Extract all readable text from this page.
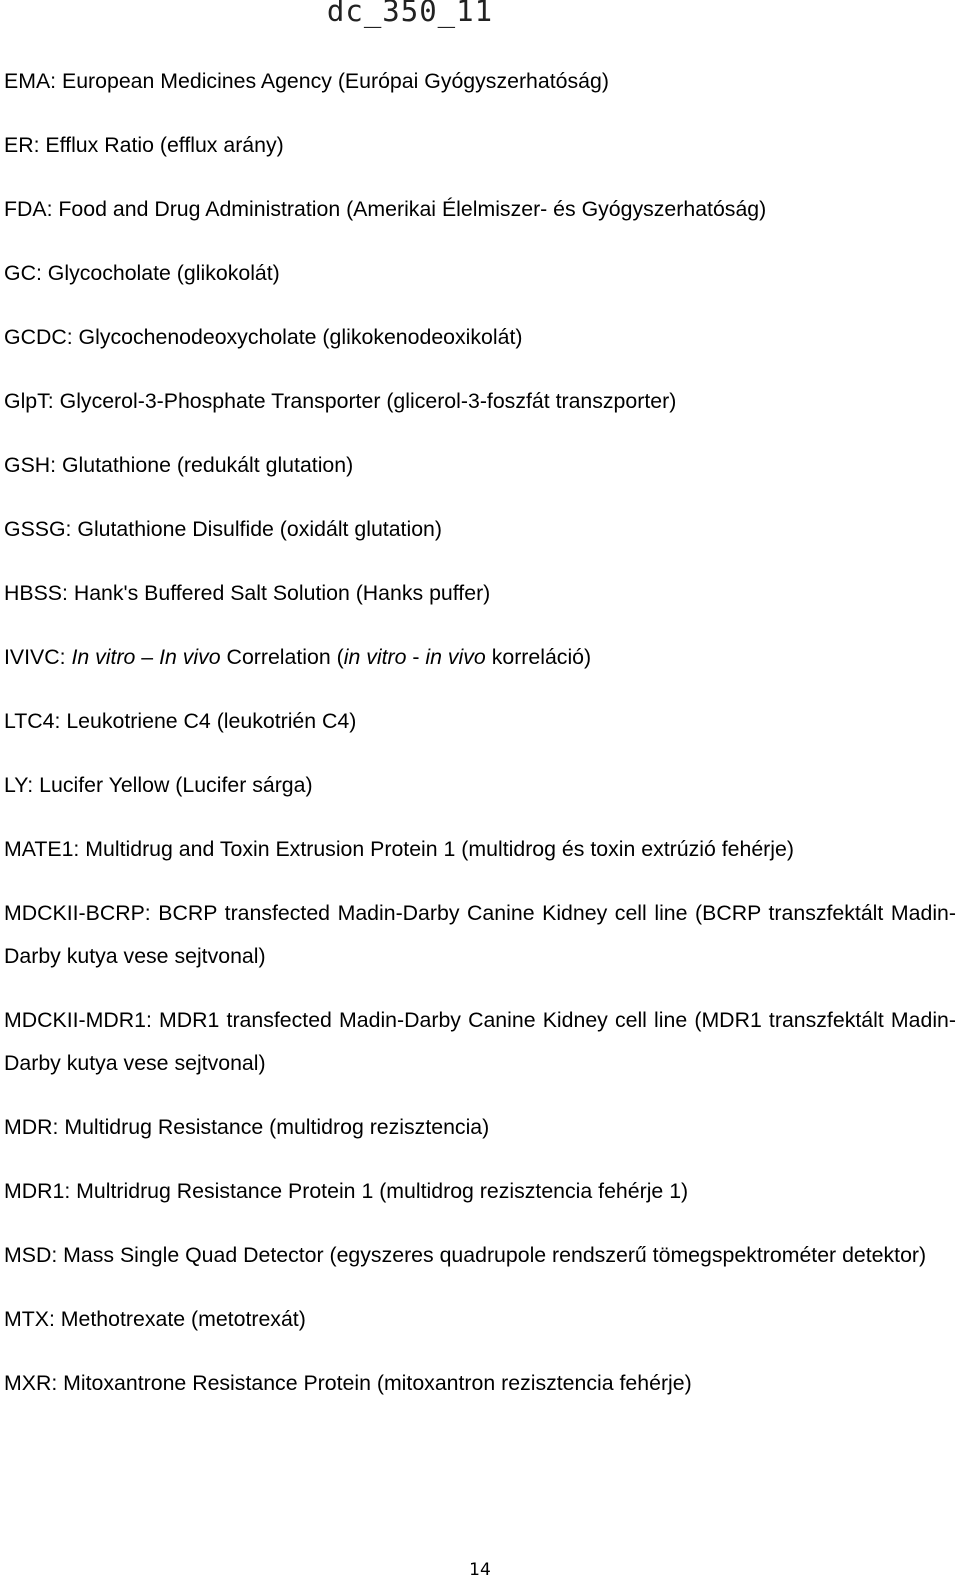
dc_350_11

EMA: European Medicines Agency (Európai Gyógyszerhatóság)

ER: Efflux Ratio (efflux arány)

FDA: Food and Drug Administration (Amerikai Élelmiszer- és Gyógyszerhatóság)

GC: Glycocholate (glikokolát)

GCDC: Glycochenodeoxycholate (glikokenodeoxikolát)

GlpT: Glycerol-3-Phosphate Transporter (glicerol-3-foszfát transzporter)

GSH: Glutathione (redukált glutation)

GSSG: Glutathione Disulfide (oxidált glutation)

HBSS: Hank's Buffered Salt Solution (Hanks puffer)

IVIVC: In vitro – In vivo Correlation (in vitro - in vivo korreláció)

LTC4: Leukotriene C4 (leukotrién C4)

LY: Lucifer Yellow (Lucifer sárga)

MATE1: Multidrug and Toxin Extrusion Protein 1 (multidrog és toxin extrúzió fehérje)

MDCKII-BCRP: BCRP transfected Madin-Darby Canine Kidney cell line (BCRP transzfektált Madin-Darby kutya vese sejtvonal)

MDCKII-MDR1: MDR1 transfected Madin-Darby Canine Kidney cell line (MDR1 transzfektált Madin-Darby kutya vese sejtvonal)

MDR: Multidrug Resistance (multidrog rezisztencia)

MDR1: Multridrug Resistance Protein 1 (multidrog rezisztencia fehérje 1)

MSD: Mass Single Quad Detector (egyszeres quadrupole rendszerű tömegspektrométer detektor)

MTX: Methotrexate (metotrexát)

MXR: Mitoxantrone Resistance Protein (mitoxantron rezisztencia fehérje)

14
